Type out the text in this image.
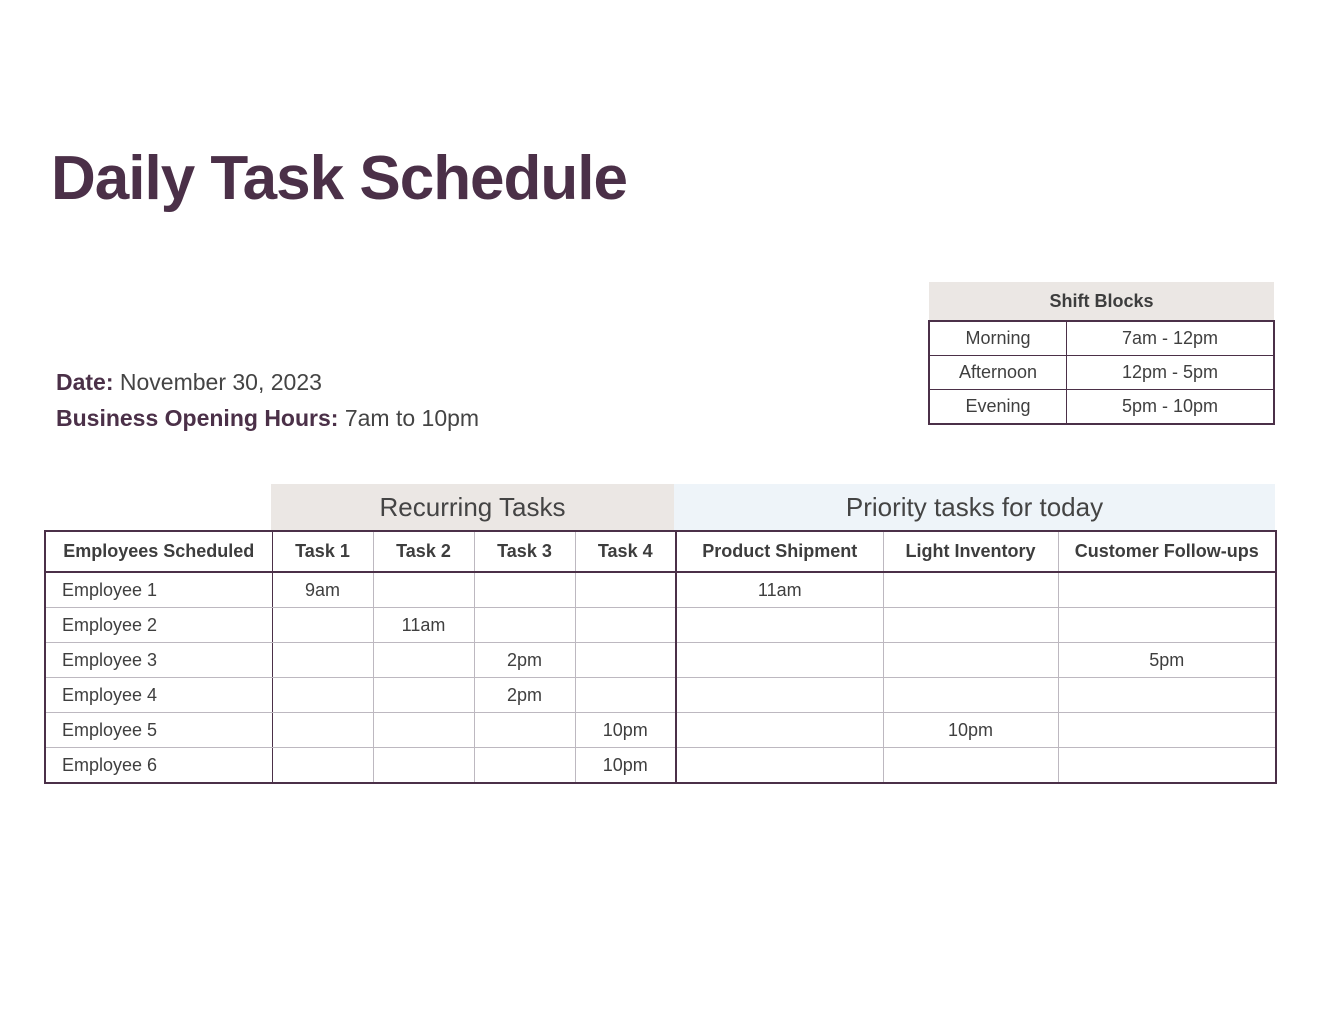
Daily Task Schedule
Date: November 30, 2023
Business Opening Hours: 7am to 10pm
Shift Blocks	
Morning	7am - 12pm
Afternoon	12pm - 5pm
Evening	5pm - 10pm
Recurring Tasks	Priority tasks for today
Employees Scheduled	Task 1	Task 2	Task 3	Task 4	Product Shipment	Light Inventory	Customer Follow-ups
Employee 1	9am				11am		
Employee 2		11am					
Employee 3			2pm				5pm
Employee 4			2pm				
Employee 5				10pm		10pm	
Employee 6				10pm			
